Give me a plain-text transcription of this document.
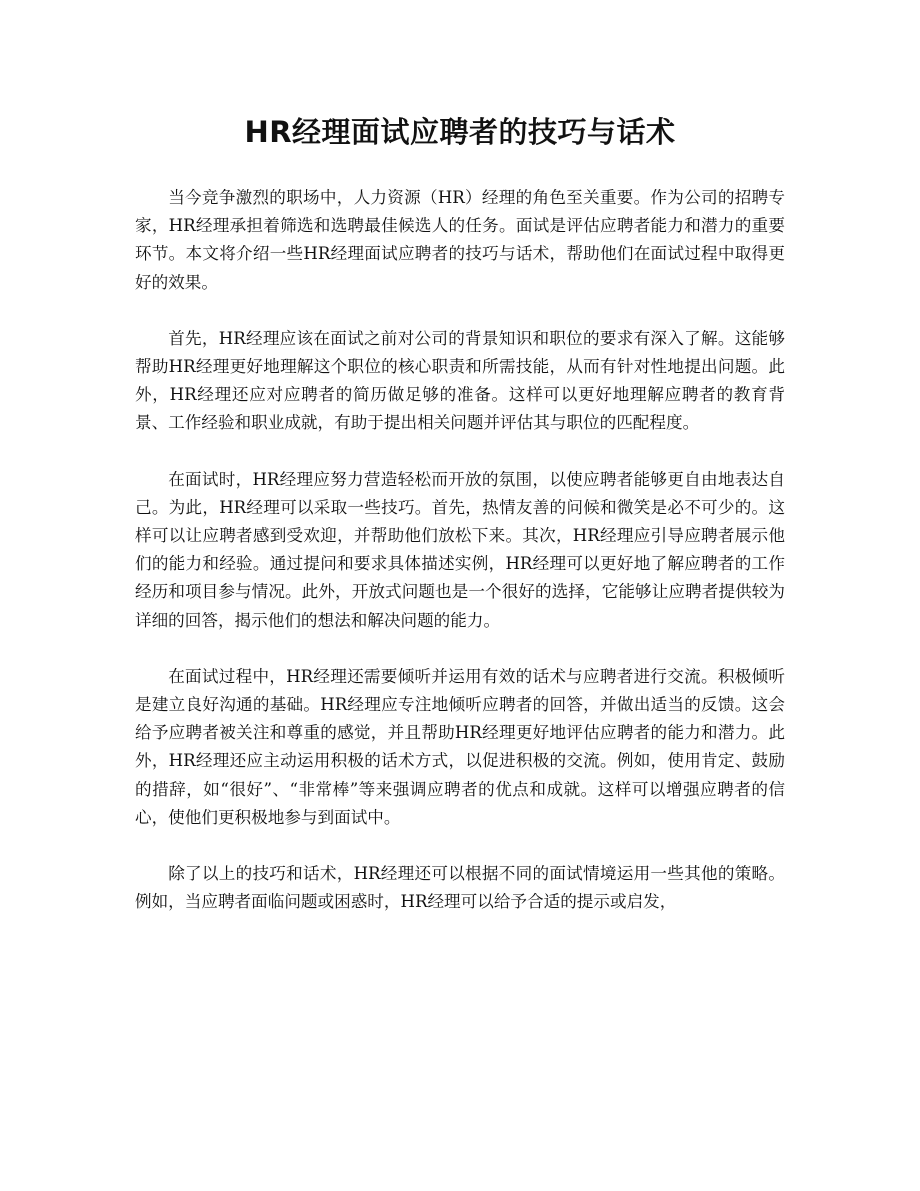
HR经理面试应聘者的技巧与话术

当今竞争激烈的职场中，人力资源（HR）经理的角色至关重要。作为公司的招聘专家，HR经理承担着筛选和选聘最佳候选人的任务。面试是评估应聘者能力和潜力的重要环节。本文将介绍一些HR经理面试应聘者的技巧与话术，帮助他们在面试过程中取得更好的效果。

首先，HR经理应该在面试之前对公司的背景知识和职位的要求有深入了解。这能够帮助HR经理更好地理解这个职位的核心职责和所需技能，从而有针对性地提出问题。此外，HR经理还应对应聘者的简历做足够的准备。这样可以更好地理解应聘者的教育背景、工作经验和职业成就，有助于提出相关问题并评估其与职位的匹配程度。

在面试时，HR经理应努力营造轻松而开放的氛围，以使应聘者能够更自由地表达自己。为此，HR经理可以采取一些技巧。首先，热情友善的问候和微笑是必不可少的。这样可以让应聘者感到受欢迎，并帮助他们放松下来。其次，HR经理应引导应聘者展示他们的能力和经验。通过提问和要求具体描述实例，HR经理可以更好地了解应聘者的工作经历和项目参与情况。此外，开放式问题也是一个很好的选择，它能够让应聘者提供较为详细的回答，揭示他们的想法和解决问题的能力。

在面试过程中，HR经理还需要倾听并运用有效的话术与应聘者进行交流。积极倾听是建立良好沟通的基础。HR经理应专注地倾听应聘者的回答，并做出适当的反馈。这会给予应聘者被关注和尊重的感觉，并且帮助HR经理更好地评估应聘者的能力和潜力。此外，HR经理还应主动运用积极的话术方式，以促进积极的交流。例如，使用肯定、鼓励的措辞，如“很好”、“非常棒”等来强调应聘者的优点和成就。这样可以增强应聘者的信心，使他们更积极地参与到面试中。

除了以上的技巧和话术，HR经理还可以根据不同的面试情境运用一些其他的策略。例如，当应聘者面临问题或困惑时，HR经理可以给予合适的提示或启发，
